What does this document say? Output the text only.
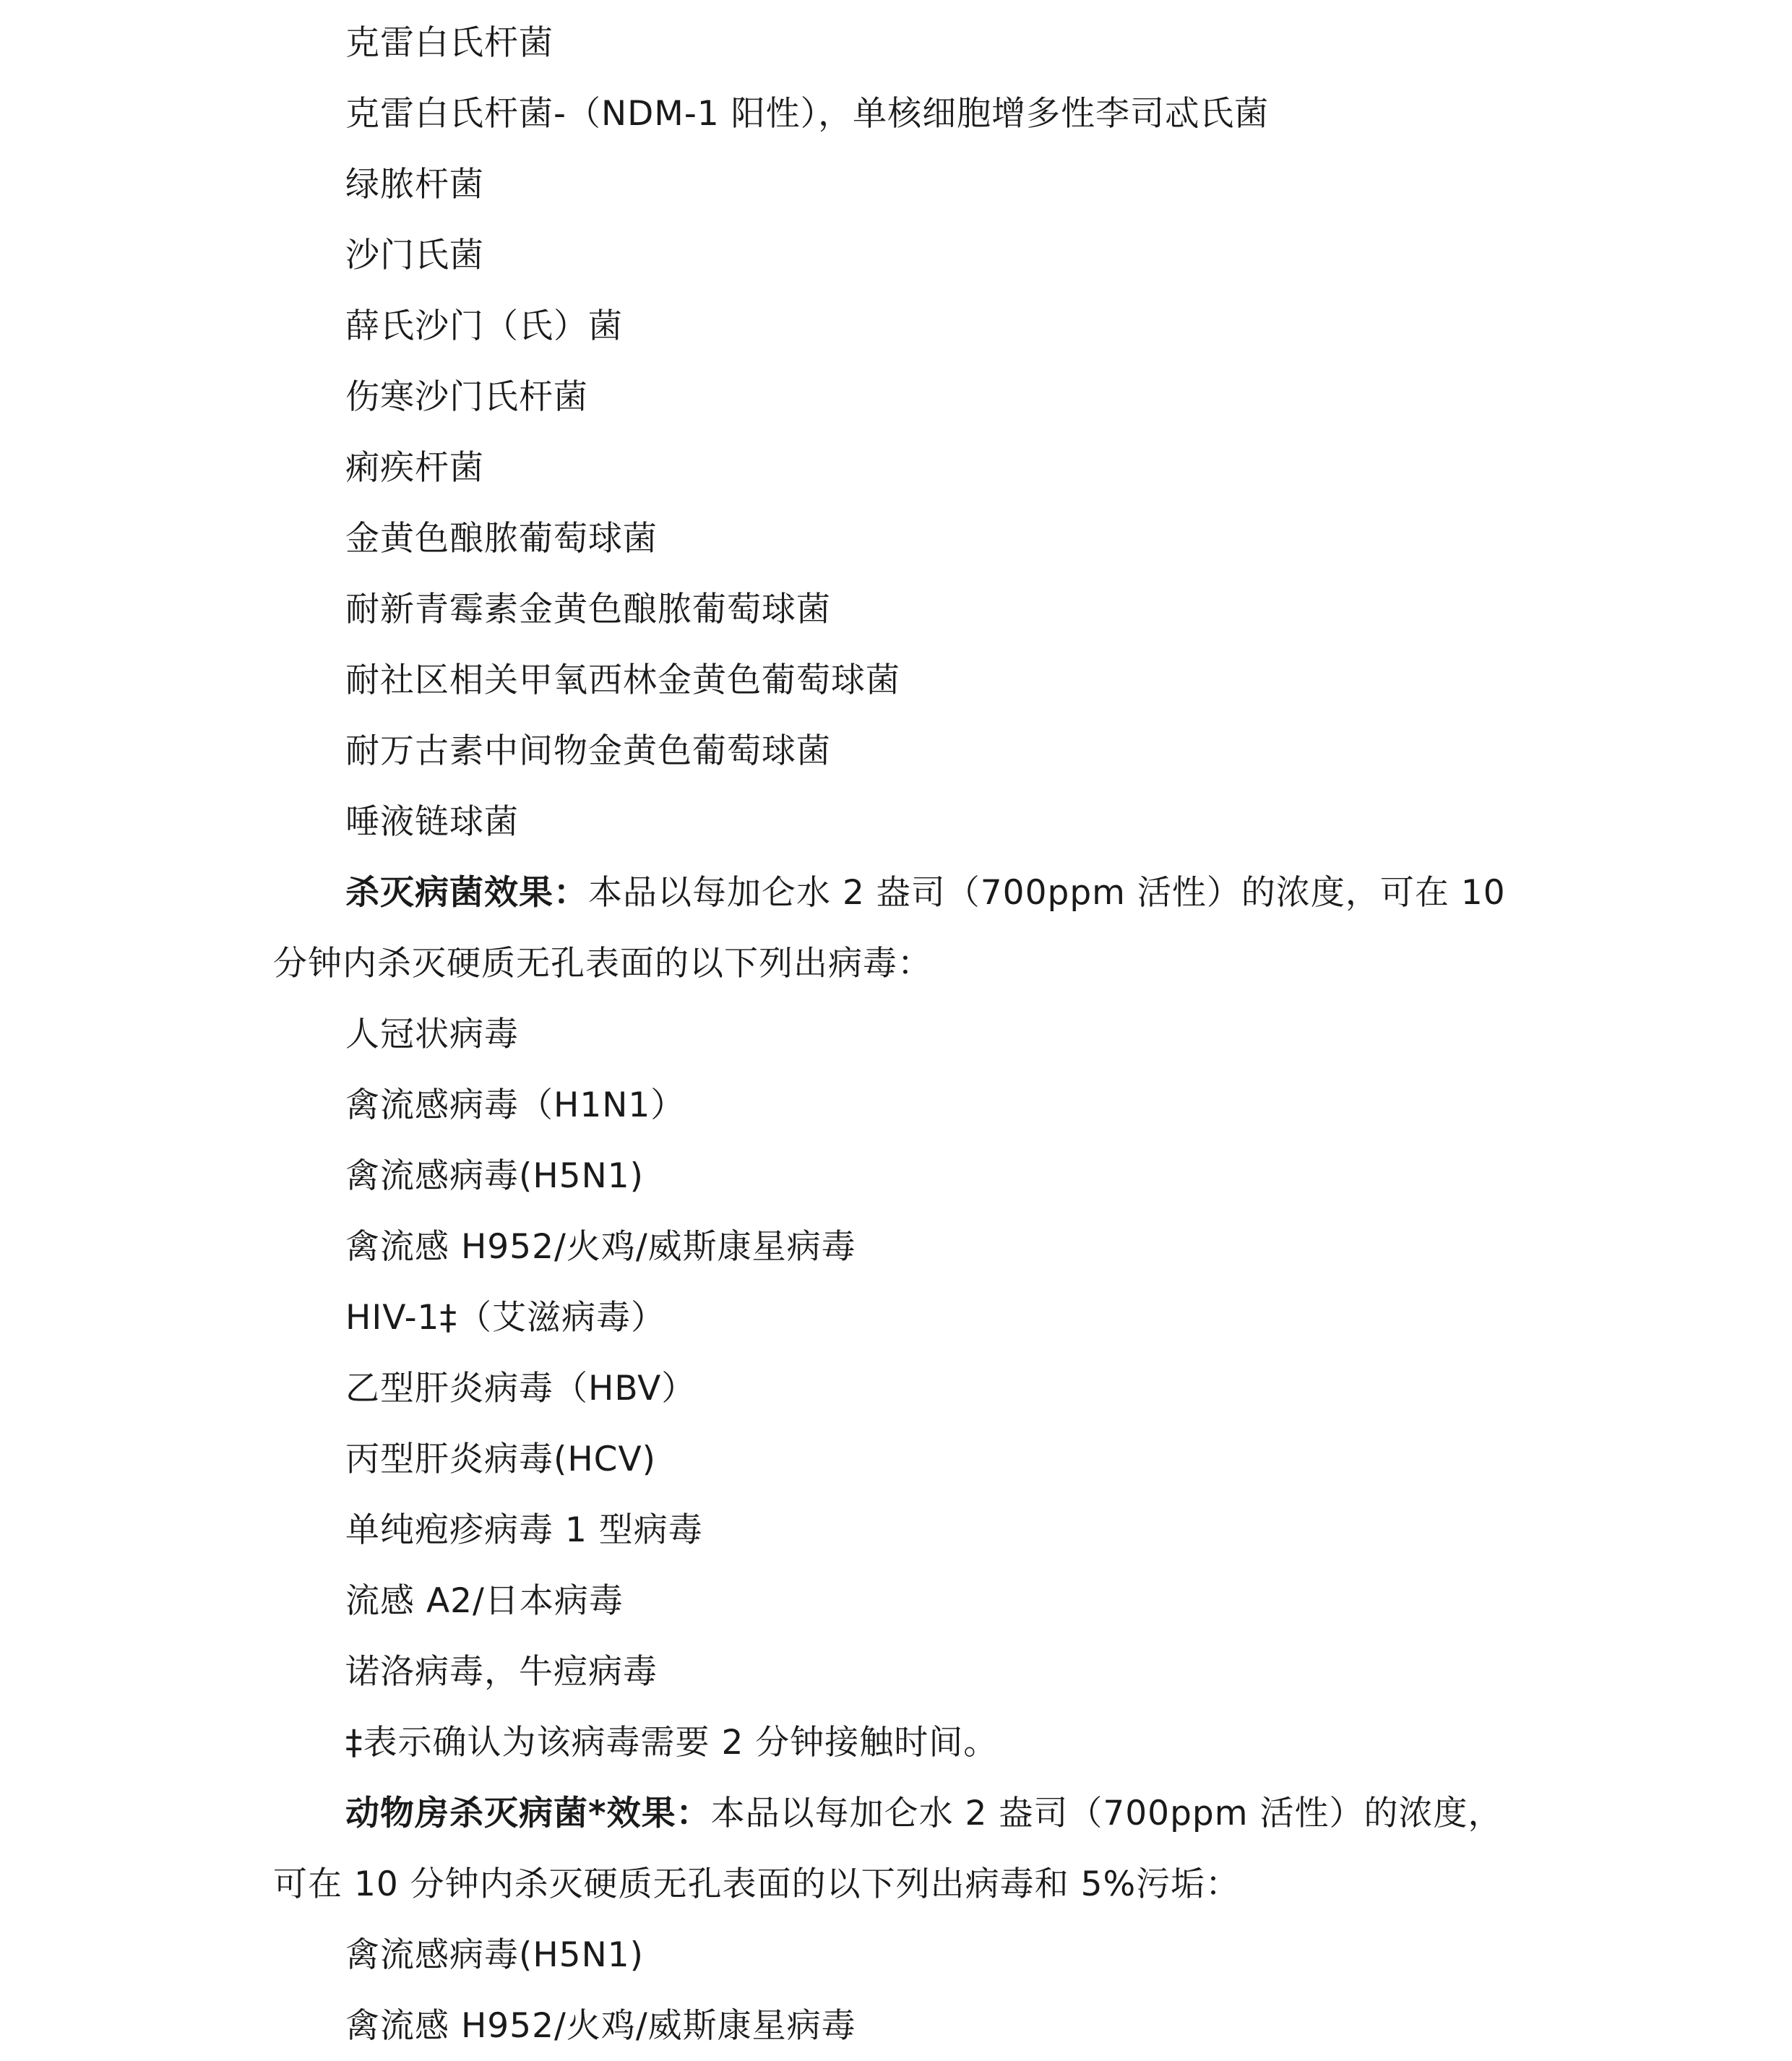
克雷白氏杆菌
克雷白氏杆菌-（NDM-1 阳性），单核细胞增多性李司忒氏菌
绿脓杆菌
沙门氏菌
薛氏沙门（氏）菌
伤寒沙门氏杆菌
痢疾杆菌
金黄色酿脓葡萄球菌
耐新青霉素金黄色酿脓葡萄球菌
耐社区相关甲氧西林金黄色葡萄球菌
耐万古素中间物金黄色葡萄球菌
唾液链球菌
杀灭病菌效果：本品以每加仑水 2 盎司（700ppm 活性）的浓度，可在 10
分钟内杀灭硬质无孔表面的以下列出病毒：
人冠状病毒
禽流感病毒（H1N1）
禽流感病毒(H5N1)
禽流感 H952/火鸡/威斯康星病毒
HIV-1‡（艾滋病毒）
乙型肝炎病毒（HBV）
丙型肝炎病毒(HCV)
单纯疱疹病毒 1 型病毒
流感 A2/日本病毒
诺洛病毒，牛痘病毒
‡表示确认为该病毒需要 2 分钟接触时间。
动物房杀灭病菌*效果：本品以每加仑水 2 盎司（700ppm 活性）的浓度，
可在 10 分钟内杀灭硬质无孔表面的以下列出病毒和 5%污垢：
禽流感病毒(H5N1)
禽流感 H952/火鸡/威斯康星病毒
